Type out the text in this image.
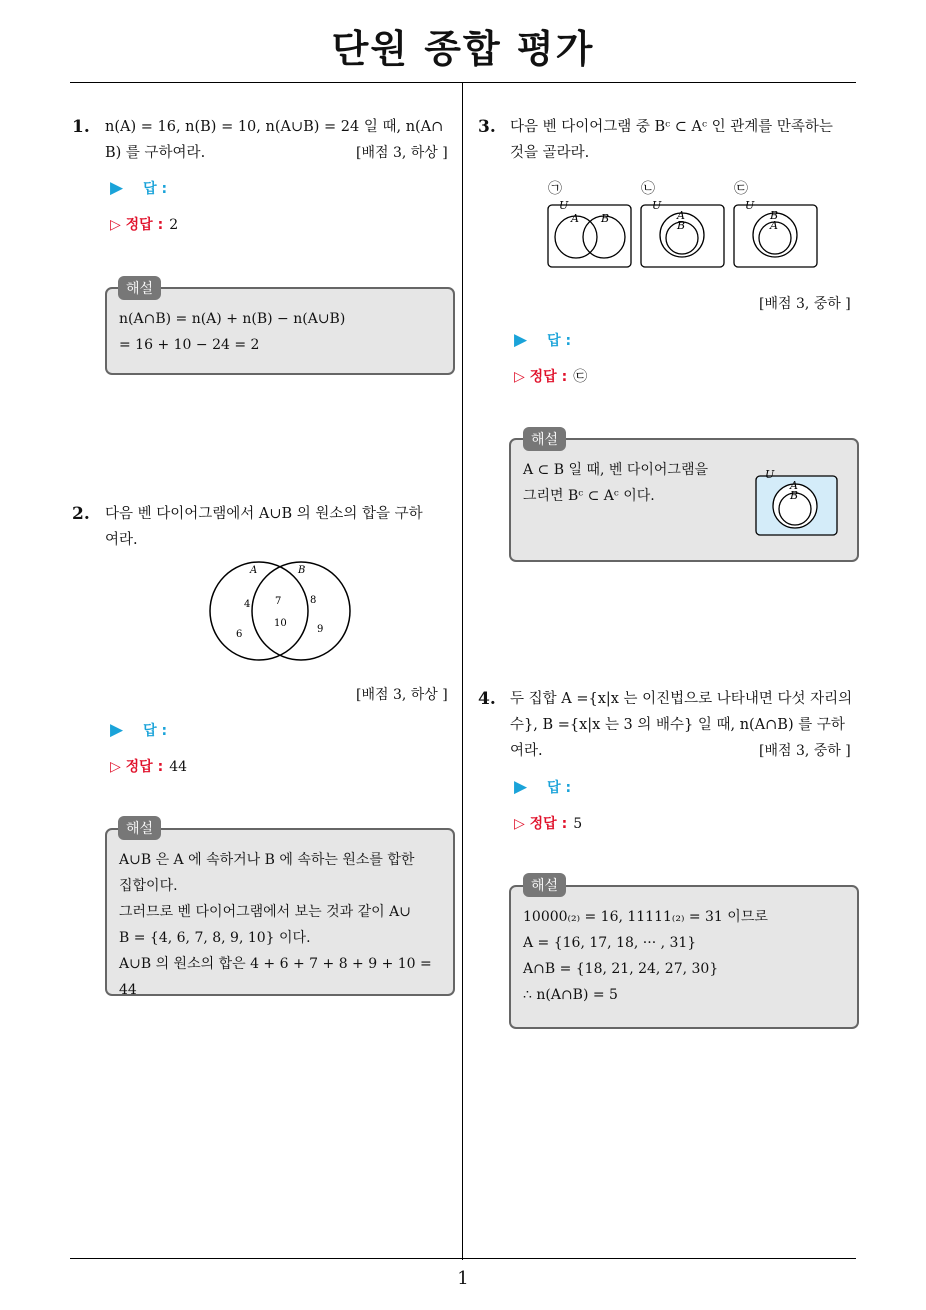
단원 종합 평가
1
1. n(A) = 16, n(B) = 10, n(A∪B) = 24 일 때, n(A∩
B) 를 구하여라.	[배점 3, 하상 ]
▶ 답 :
▷ 정답 : 2
n(A∩B) = n(A) + n(B) − n(A∪B)
= 16 + 10 − 24 = 2
해설
2. 다음 벤 다이어그램에서 A∪B 의 원소의 합을 구하
여라.
A	B
4
6
7
10
8
9
[배점 3, 하상 ]
▶ 답 :
▷ 정답 : 44
A∪B 은 A 에 속하거나 B 에 속하는 원소를 합한
집합이다.
그러므로 벤 다이어그램에서 보는 것과 같이 A∪
B = {4, 6, 7, 8, 9, 10} 이다.
A∪B 의 원소의 합은 4 + 6 + 7 + 8 + 9 + 10 = 44
해설
3. 다음 벤 다이어그램 중 Bᶜ ⊂ Aᶜ 인 관계를 만족하는
것을 골라라.
㉠
U
A B
㉡
U
A
B
㉢
U
B
A
[배점 3, 중하 ]
▶ 답 :
▷ 정답 : ㉢
A ⊂ B 일 때, 벤 다이어그램을
그리면 Bᶜ ⊂ Aᶜ 이다.
U
A
B
해설
4. 두 집합 A ={x|x 는 이진법으로 나타내면 다섯 자리의
수}, B ={x|x 는 3 의 배수} 일 때, n(A∩B) 를 구하
여라.	[배점 3, 중하 ]
▶ 답 :
▷ 정답 : 5
10000₍₂₎ = 16, 11111₍₂₎ = 31 이므로
A = {16, 17, 18, ··· , 31}
A∩B = {18, 21, 24, 27, 30}
∴ n(A∩B) = 5
해설
